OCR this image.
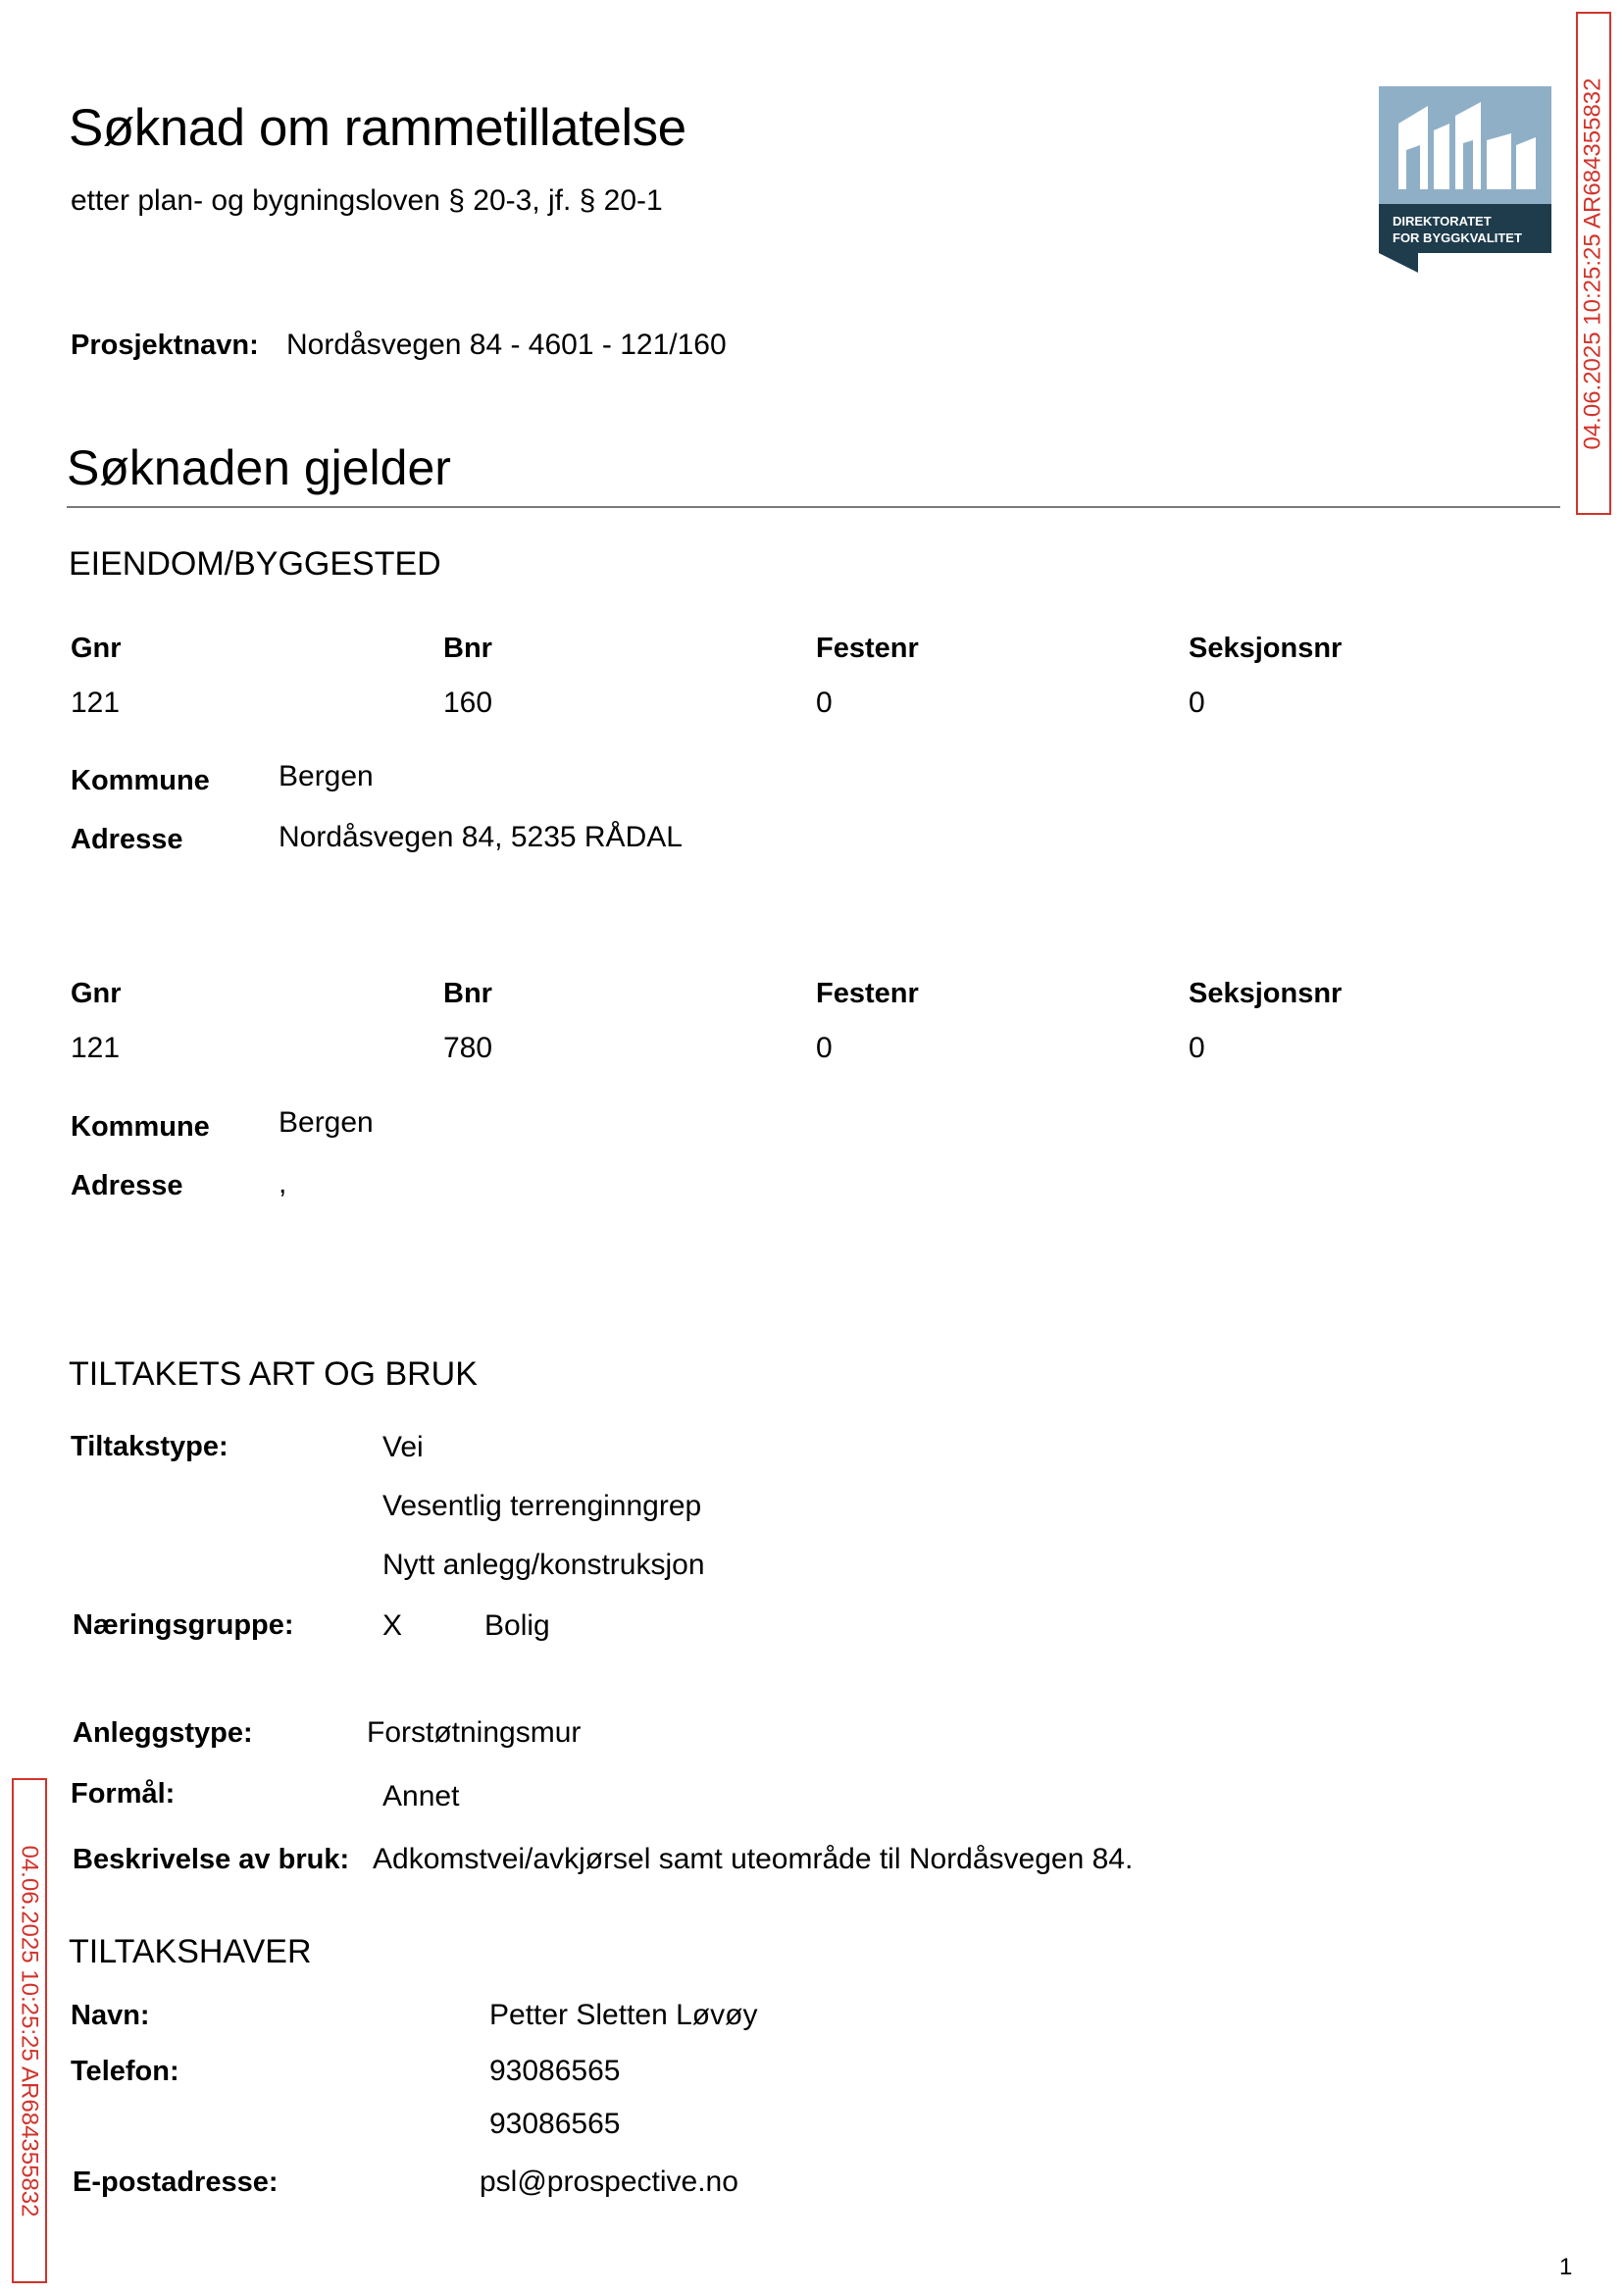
Søknad om rammetillatelse
etter plan- og bygningsloven § 20-3, jf. § 20-1
DIREKTORATET
FOR BYGGKVALITET 04.06.2025 10:25:25 AR684355832
04.06.2025 10:25:25 AR684355832
Prosjektnavn: Nordåsvegen 84 - 4601 - 121/160
Søknaden gjelder
EIENDOM/BYGGESTED
Gnr	Bnr	Festenr	Seksjonsnr
121	160	0	0
Kommune Bergen
Adresse	Nordåsvegen 84, 5235 RÅDAL
Gnr	Bnr	Festenr	Seksjonsnr
121	780	0	0
Kommune Bergen
Adresse	,
TILTAKETS ART OG BRUK
Tiltakstype:	Vei
Vesentlig terrenginngrep
Nytt anlegg/konstruksjon
Næringsgruppe:	X	Bolig
Anleggstype:	Forstøtningsmur
Formål:	Annet
Beskrivelse av bruk: Adkomstvei/avkjørsel samt uteområde til Nordåsvegen 84.
TILTAKSHAVER
Navn:	Petter Sletten Løvøy
Telefon:	93086565
93086565
E-postadresse:	psl@prospective.no
1
